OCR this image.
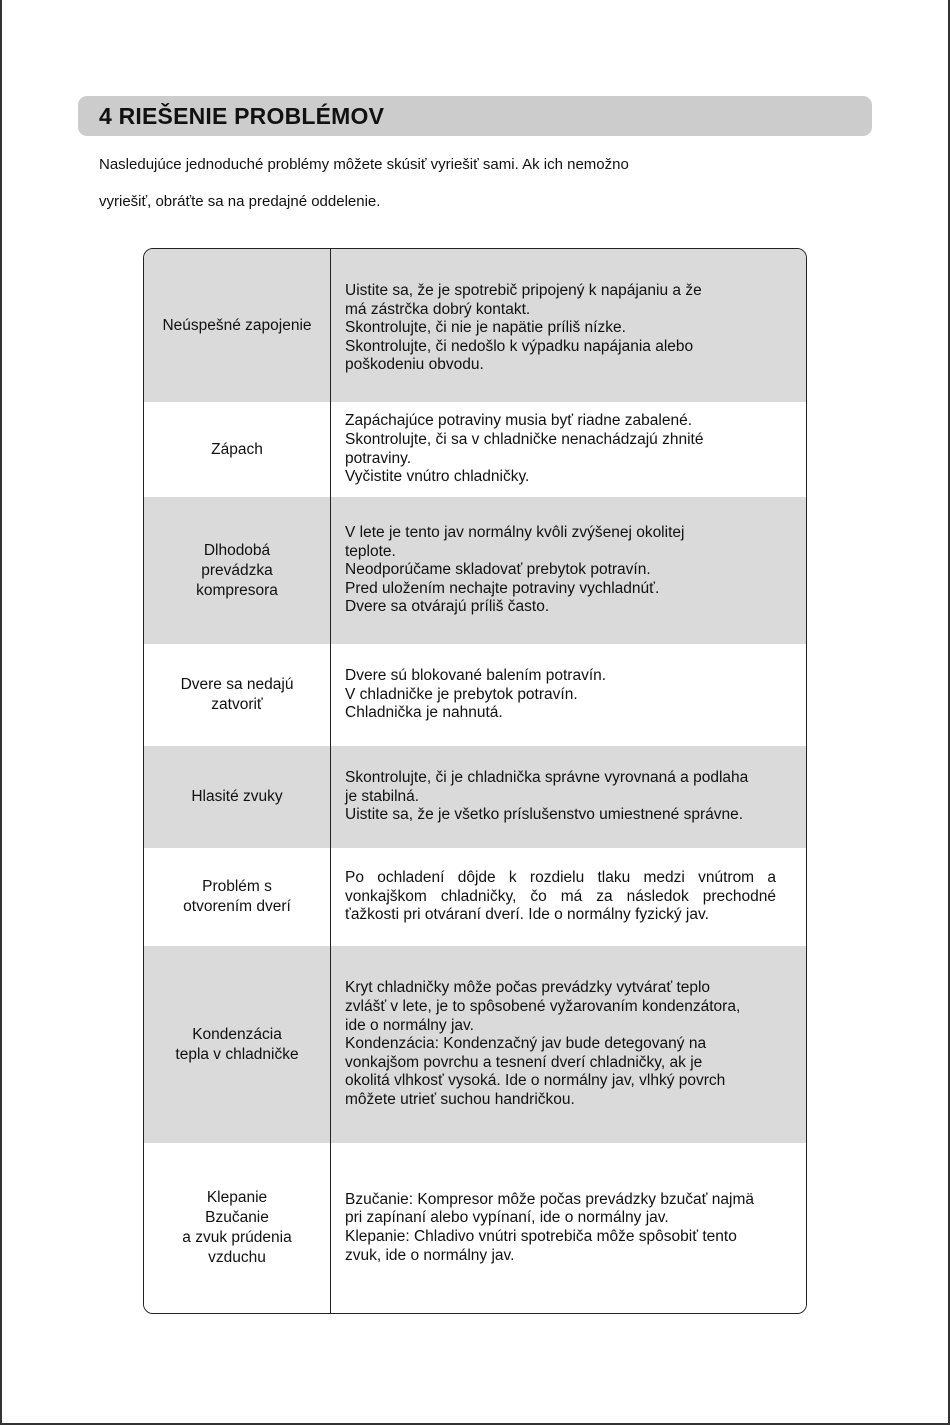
4 RIEŠENIE PROBLÉMOV

Nasledujúce jednoduché problémy môžete skúsiť vyriešiť sami. Ak ich nemožno

vyriešiť, obráťte sa na predajné oddelenie.

Neúspešné zapojenie
Uistite sa, že je spotrebič pripojený k napájaniu a že
má zástrčka dobrý kontakt.
Skontrolujte, či nie je napätie príliš nízke.
Skontrolujte, či nedošlo k výpadku napájania alebo
poškodeniu obvodu.
Zápach
Zapáchajúce potraviny musia byť riadne zabalené.
Skontrolujte, či sa v chladničke nenachádzajú zhnité
potraviny.
Vyčistite vnútro chladničky.
Dlhodobá
prevádzka
kompresora
V lete je tento jav normálny kvôli zvýšenej okolitej
teplote.
Neodporúčame skladovať prebytok potravín.
Pred uložením nechajte potraviny vychladnúť.
Dvere sa otvárajú príliš často.
Dvere sa nedajú
zatvoriť
Dvere sú blokované balením potravín.
V chladničke je prebytok potravín.
Chladnička je nahnutá.
Hlasité zvuky
Skontrolujte, či je chladnička správne vyrovnaná a podlaha
je stabilná.
Uistite sa, že je všetko príslušenstvo umiestnené správne.
Problém s
otvorením dverí
Po ochladení dôjde k rozdielu tlaku medzi vnútrom a vonkajškom chladničky, čo má za následok prechodné ťažkosti pri otváraní dverí. Ide o normálny fyzický jav.
Kondenzácia
tepla v chladničke
Kryt chladničky môže počas prevádzky vytvárať teplo
zvlášť v lete, je to spôsobené vyžarovaním kondenzátora,
ide o normálny jav.
Kondenzácia: Kondenzačný jav bude detegovaný na
vonkajšom povrchu a tesnení dverí chladničky, ak je
okolitá vlhkosť vysoká. Ide o normálny jav, vlhký povrch
môžete utrieť suchou handričkou.
Klepanie
Bzučanie
a zvuk prúdenia
vzduchu
Bzučanie: Kompresor môže počas prevádzky bzučať najmä
pri zapínaní alebo vypínaní, ide o normálny jav.
Klepanie: Chladivo vnútri spotrebiča môže spôsobiť tento
zvuk, ide o normálny jav.
